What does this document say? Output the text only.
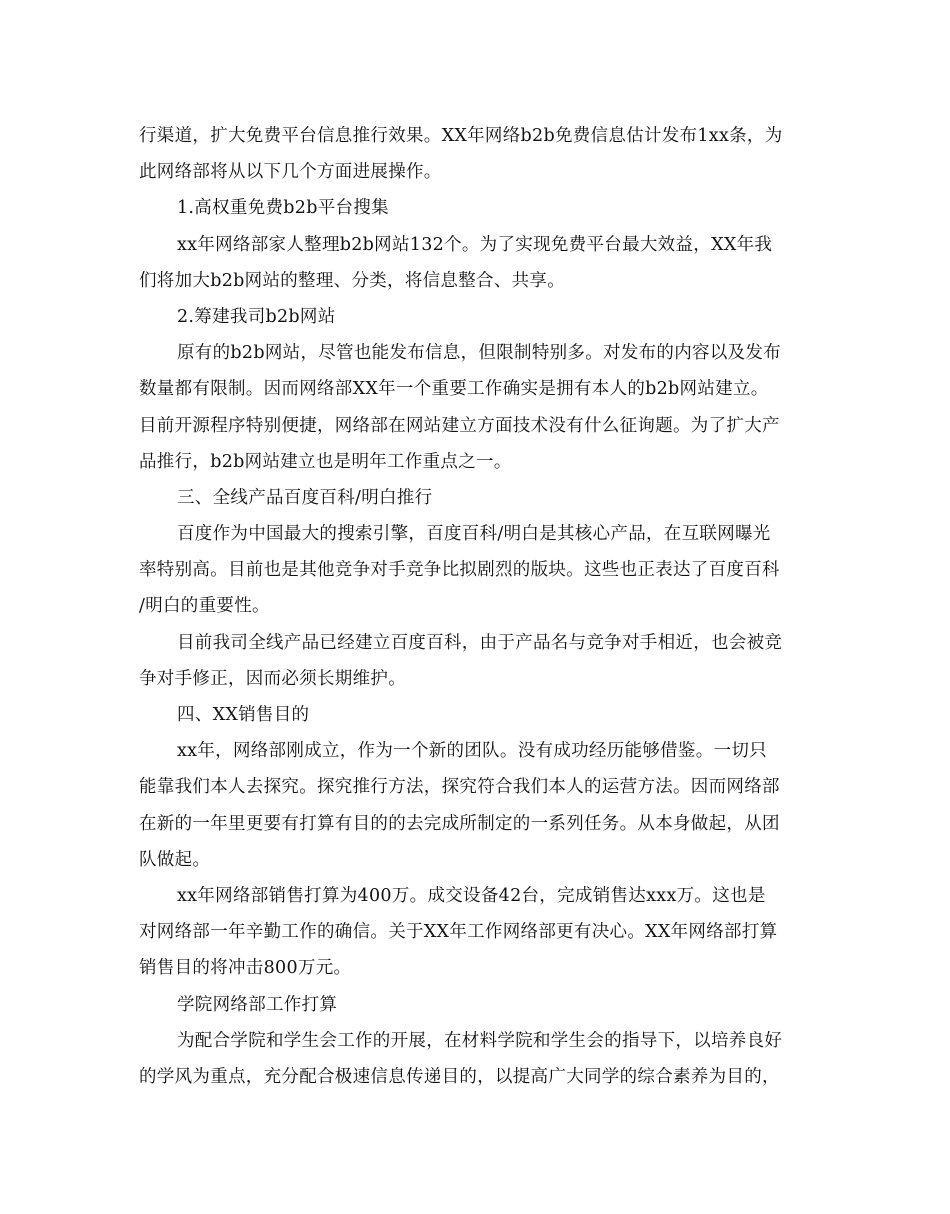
行渠道，扩大免费平台信息推行效果。XX年网络b2b免费信息估计发布1xx条，为
此网络部将从以下几个方面进展操作。
1.高权重免费b2b平台搜集
xx年网络部家人整理b2b网站132个。为了实现免费平台最大效益，XX年我
们将加大b2b网站的整理、分类，将信息整合、共享。
2.筹建我司b2b网站
原有的b2b网站，尽管也能发布信息，但限制特别多。对发布的内容以及发布
数量都有限制。因而网络部XX年一个重要工作确实是拥有本人的b2b网站建立。
目前开源程序特别便捷，网络部在网站建立方面技术没有什么征询题。为了扩大产
品推行，b2b网站建立也是明年工作重点之一。
三、全线产品百度百科/明白推行
百度作为中国最大的搜索引擎，百度百科/明白是其核心产品，在互联网曝光
率特别高。目前也是其他竞争对手竞争比拟剧烈的版块。这些也正表达了百度百科
/明白的重要性。
目前我司全线产品已经建立百度百科，由于产品名与竞争对手相近，也会被竞
争对手修正，因而必须长期维护。
四、XX销售目的
xx年，网络部刚成立，作为一个新的团队。没有成功经历能够借鉴。一切只
能靠我们本人去探究。探究推行方法，探究符合我们本人的运营方法。因而网络部
在新的一年里更要有打算有目的的去完成所制定的一系列任务。从本身做起，从团
队做起。
xx年网络部销售打算为400万。成交设备42台，完成销售达xxx万。这也是
对网络部一年辛勤工作的确信。关于XX年工作网络部更有决心。XX年网络部打算
销售目的将冲击800万元。
学院网络部工作打算
为配合学院和学生会工作的开展，在材料学院和学生会的指导下，以培养良好
的学风为重点，充分配合极速信息传递目的，以提高广大同学的综合素养为目的，
